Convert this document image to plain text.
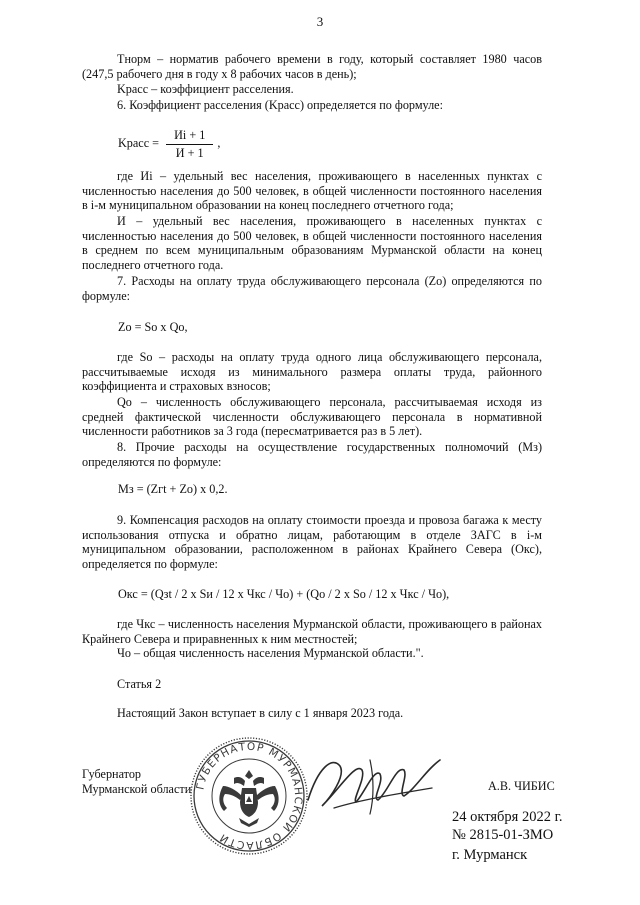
3
Tнорм – норматив рабочего времени в году, который составляет 1980 часов (247,5 рабочего дня в году x 8 рабочих часов в день);
Kрасс – коэффициент расселения.
6. Коэффициент расселения (Kрасс) определяется по формуле:
Kрасс = $\frac{Иi + 1}{И + 1}$ ,
где Иi – удельный вес населения, проживающего в населенных пунктах с численностью населения до 500 человек, в общей численности постоянного населения в i-м муниципальном образовании на конец последнего отчетного года;
И – удельный вес населения, проживающего в населенных пунктах с численностью населения до 500 человек, в общей численности постоянного населения в среднем по всем муниципальным образованиям Мурманской области на конец последнего отчетного года.
7. Расходы на оплату труда обслуживающего персонала (Zo) определяются по формуле:
Zo = So x Qo,
где So – расходы на оплату труда одного лица обслуживающего персонала, рассчитываемые исходя из минимального размера оплаты труда, районного коэффициента и страховых взносов;
Qo – численность обслуживающего персонала, рассчитываемая исходя из средней фактической численности обслуживающего персонала в нормативной численности работников за 3 года (пересматривается раз в 5 лет).
8. Прочие расходы на осуществление государственных полномочий (Mз) определяются по формуле:
Mз = (Zгt + Zo) x 0,2.
9. Компенсация расходов на оплату стоимости проезда и провоза багажа к месту использования отпуска и обратно лицам, работающим в отделе ЗАГС в i-м муниципальном образовании, расположенном в районах Крайнего Севера (Oкс), определяется по формуле:
Oкс = (Qзt / 2 x Sи / 12 x Чкс / Чо) + (Qo / 2 x So / 12 x Чкс / Чо),
где Чкс – численность населения Мурманской области, проживающего в районах Крайнего Севера и приравненных к ним местностей;
Чо – общая численность населения Мурманской области.".
Статья 2
Настоящий Закон вступает в силу с 1 января 2023 года.
ГУБЕРНАТОР МУРМАНСКОЙ ОБЛАСТИ
Губернатор
Мурманской области	А.В. ЧИБИС
24 октября 2022 г.
№ 2815-01-ЗМО
г. Мурманск
